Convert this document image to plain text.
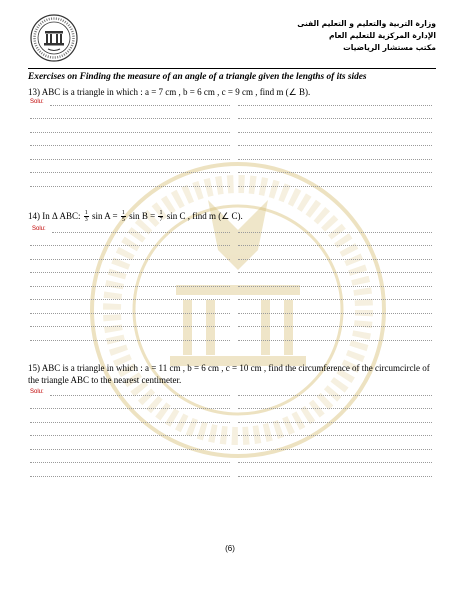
وزارة التربية والتعليم و التعليم الفنى
الإدارة المركزية للتعليم العام
مكتب مستشار الرياضيات
Exercises on Finding the measure of an angle of a triangle given the lengths of its sides
13) ABC is a triangle in which : a = 7 cm , b = 6 cm , c = 9 cm , find m (∠ B).
Solu:
14) In Δ ABC: $\frac{1}{3}$ $\sin A = \frac{1}{5}$ $\sin B = \frac{1}{7}$ sin C , find m (∠ C).
Solu:
15) ABC is a triangle in which : a = 11 cm , b = 6 cm , c = 10 cm , find the circumference of the circumcircle of the triangle ABC to the nearest centimeter.
Solu:
(6)
